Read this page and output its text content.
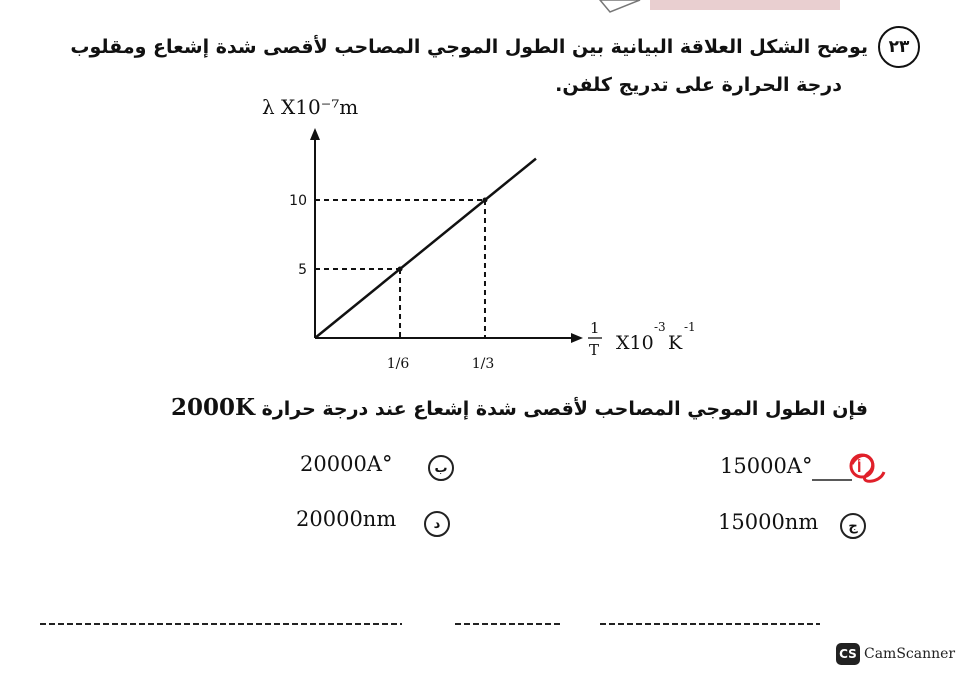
٢٣
يوضح الشكل العلاقة البيانية بين الطول الموجي المصاحب لأقصى شدة إشعاع ومقلوب
درجة الحرارة على تدريج كلفن.
λ X10⁻⁷m
1
T X10
-3
K
-1
5
1/6
10
1/3
فإن الطول الموجي المصاحب لأقصى شدة إشعاع عند درجة حرارة 2000K
15000A°	أ
20000A°	ب
15000nm	ج
20000nm	د
CS CamScanner
